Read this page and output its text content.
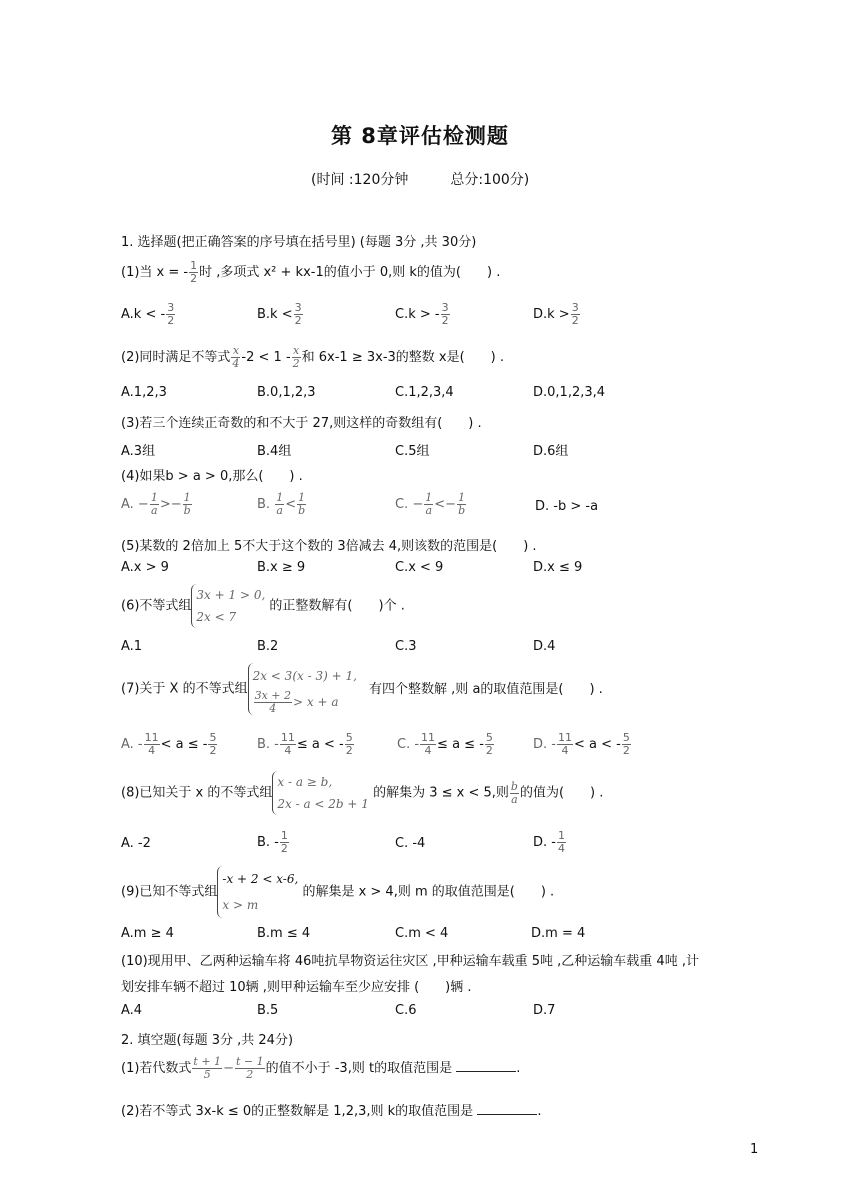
第 8章评估检测题
(时间 :120分钟　　　总分:100分)
1. 选择题(把正确答案的序号填在括号里) (每题 3分 ,共 30分)
(1)当 x = - $\frac{1}{2}$ 时 ,多项式 x² + kx-1的值小于 0,则 k的值为(　　) .
A.k < - $\frac{3}{2}$	$B.k < \frac{3}{2}$	C.k > - $\frac{3}{2}$	$D.k > \frac{3}{2}$
(2)同时满足不等式 $\frac{x}{4} -2 < 1 - \frac{x}{2}$ 和 6x-1 ≥ 3x-3的整数 x是(　　) .
A.1,2,3	B.0,1,2,3	C.1,2,3,4	D.0,1,2,3,4
(3)若三个连续正奇数的和不大于 27,则这样的奇数组有(　　) .
A.3组	B.4组	C.5组	D.6组
(4)如果b > a > 0,那么(　　) .
A. − $\frac{1}{a} >- \frac{1}{b}$	B. $\frac{1}{a} < \frac{1}{b}$	C. − $\frac{1}{a} <- \frac{1}{b}$	D. -b > -a
(5)某数的 2倍加上 5不大于这个数的 3倍减去 4,则该数的范围是(　　) .
A.x > 9	B.x ≥ 9	C.x < 9	D.x ≤ 9
(6)不等式组
3x + 1 > 0,
2x < 7
的正整数解有(　　)个 .
A.1	B.2	C.3	D.4
(7)关于 X 的不等式组
2x < 3(x - 3) + 1,
$\frac{3x + 2}{4} > x + a$
有四个整数解 ,则 a的取值范围是(　　) .
A. - $\frac{11}{4} < a$ ≤ - $\frac{5}{2}$	B. - $\frac{11}{4} \le a$ < - $\frac{5}{2}$	C. - $\frac{11}{4} \le a$ ≤ - $\frac{5}{2}$	D. - $\frac{11}{4} < a$ < - $\frac{5}{2}$
(8)已知关于 x 的不等式组
x - a ≥ b,
2x - a < 2b + 1
的解集为 3 ≤ x < 5,则 $\frac{b}{a}$ 的值为(　　) .
A. -2	B. - $\frac{1}{2}$	C. -4	D. - $\frac{1}{4}$
(9)已知不等式组
-x + 2 < x-6,
x > m
的解集是 x > 4,则 m 的取值范围是(　　) .
A.m ≥ 4	B.m ≤ 4	C.m < 4	D.m = 4
(10)现用甲、乙两种运输车将 46吨抗旱物资运往灾区 ,甲种运输车载重 5吨 ,乙种运输车载重 4吨 ,计
划安排车辆不超过 10辆 ,则甲种运输车至少应安排 (　　)辆 .
A.4	B.5	C.6	D.7
2. 填空题(每题 3分 ,共 24分)
(1)若代数式 $\frac{t + 1}{5} - \frac{t - 1}{2}$ 的值不小于 -3,则 t的取值范围是	.
(2)若不等式 3x-k ≤ 0的正整数解是 1,2,3,则 k的取值范围是	.
1
